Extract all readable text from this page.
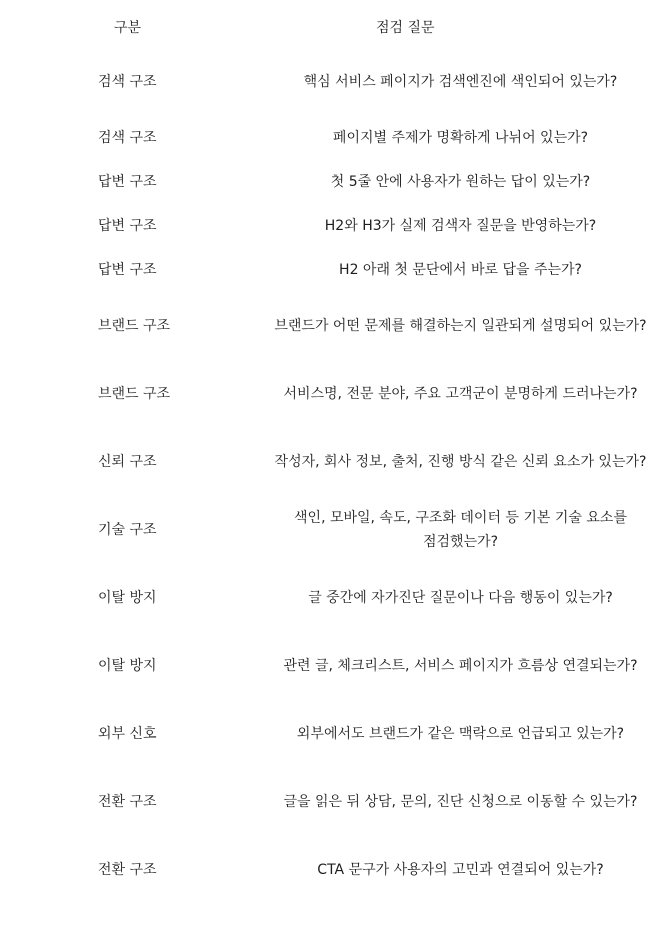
구분	점검 질문
검색 구조	핵심 서비스 페이지가 검색엔진에 색인되어 있는가?

검색 구조	페이지별 주제가 명확하게 나뉘어 있는가?

답변 구조	첫 5줄 안에 사용자가 원하는 답이 있는가?

답변 구조	H2와 H3가 실제 검색자 질문을 반영하는가?

답변 구조	H2 아래 첫 문단에서 바로 답을 주는가?

브랜드 구조	브랜드가 어떤 문제를 해결하는지 일관되게 설명되어 있는가?

브랜드 구조	서비스명, 전문 분야, 주요 고객군이 분명하게 드러나는가?

신뢰 구조	작성자, 회사 정보, 출처, 진행 방식 같은 신뢰 요소가 있는가?

기술 구조	색인, 모바일, 속도, 구조화 데이터 등 기본 기술 요소를 점검했는가?

이탈 방지	글 중간에 자가진단 질문이나 다음 행동이 있는가?

이탈 방지	관련 글, 체크리스트, 서비스 페이지가 흐름상 연결되는가?

외부 신호	외부에서도 브랜드가 같은 맥락으로 언급되고 있는가?

전환 구조	글을 읽은 뒤 상담, 문의, 진단 신청으로 이동할 수 있는가?

전환 구조	CTA 문구가 사용자의 고민과 연결되어 있는가?
